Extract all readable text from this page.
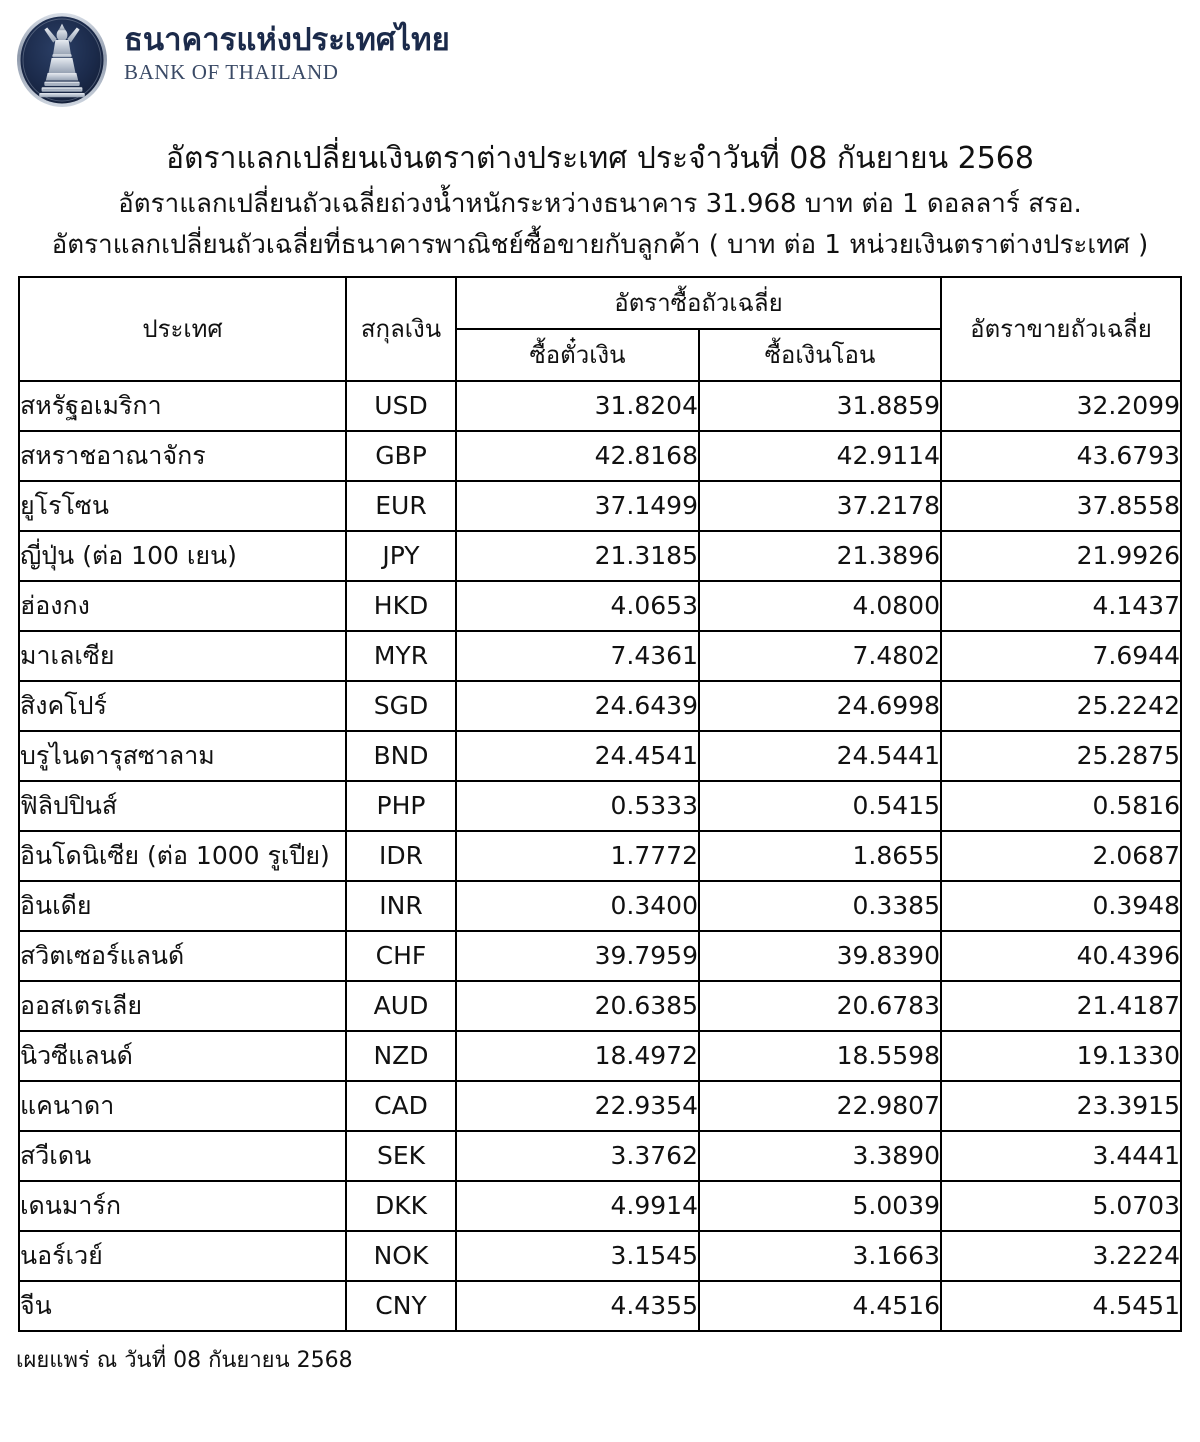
ธนาคารแห่งประเทศไทย
BANK OF THAILAND
อัตราแลกเปลี่ยนเงินตราต่างประเทศ ประจำวันที่ 08 กันยายน 2568
อัตราแลกเปลี่ยนถัวเฉลี่ยถ่วงน้ำหนักระหว่างธนาคาร 31.968 บาท ต่อ 1 ดอลลาร์ สรอ.
อัตราแลกเปลี่ยนถัวเฉลี่ยที่ธนาคารพาณิชย์ซื้อขายกับลูกค้า ( บาท ต่อ 1 หน่วยเงินตราต่างประเทศ )
ประเทศ	สกุลเงิน	อัตราซื้อถัวเฉลี่ย		อัตราขายถัวเฉลี่ย
		ซื้อตั๋วเงิน	ซื้อเงินโอน	
สหรัฐอเมริกา	USD	31.8204	31.8859	32.2099
สหราชอาณาจักร	GBP	42.8168	42.9114	43.6793
ยูโรโซน	EUR	37.1499	37.2178	37.8558
ญี่ปุ่น (ต่อ 100 เยน)	JPY	21.3185	21.3896	21.9926
ฮ่องกง	HKD	4.0653	4.0800	4.1437
มาเลเซีย	MYR	7.4361	7.4802	7.6944
สิงคโปร์	SGD	24.6439	24.6998	25.2242
บรูไนดารุสซาลาม	BND	24.4541	24.5441	25.2875
ฟิลิปปินส์	PHP	0.5333	0.5415	0.5816
อินโดนิเซีย (ต่อ 1000 รูเปีย)	IDR	1.7772	1.8655	2.0687
อินเดีย	INR	0.3400	0.3385	0.3948
สวิตเซอร์แลนด์	CHF	39.7959	39.8390	40.4396
ออสเตรเลีย	AUD	20.6385	20.6783	21.4187
นิวซีแลนด์	NZD	18.4972	18.5598	19.1330
แคนาดา	CAD	22.9354	22.9807	23.3915
สวีเดน	SEK	3.3762	3.3890	3.4441
เดนมาร์ก	DKK	4.9914	5.0039	5.0703
นอร์เวย์	NOK	3.1545	3.1663	3.2224
จีน	CNY	4.4355	4.4516	4.5451
เผยแพร่ ณ วันที่ 08 กันยายน 2568
